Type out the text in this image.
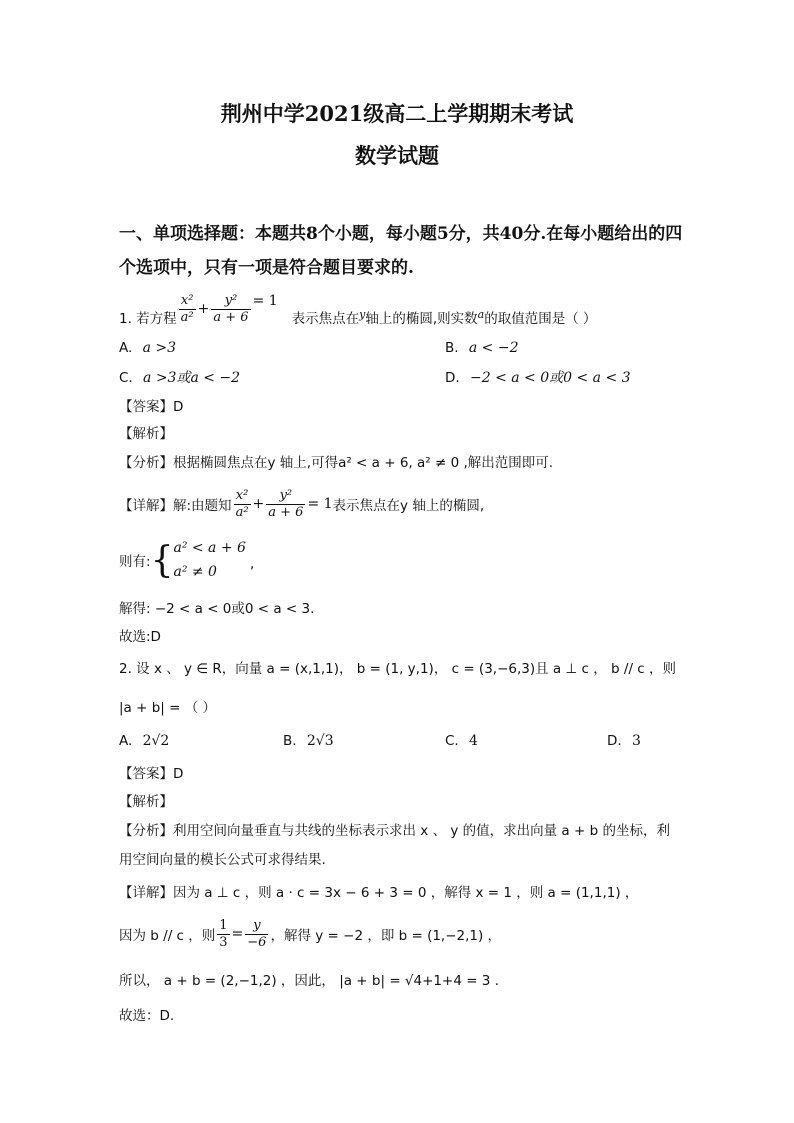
荆州中学2021级高二上学期期末考试
数学试题
一、单项选择题：本题共8个小题，每小题5分，共40分.在每小题给出的四
个选项中，只有一项是符合题目要求的.
1. 若方程 $\frac{\text{x²}}{\text{a²}} + \frac{\text{y²}}{a + 6} = 1$
表示焦点在 y 轴上的椭圆,则实数 a 的取值范围是（ ）
A. a >3	B. a < −2
C. a >3或a < −2	D. −2 < a < 0或0 < a < 3
【答案】D
【解析】
【分析】根据椭圆焦点在y 轴上,可得a² < a + 6, a² ≠ 0 ,解出范围即可.
【详解】 解:由题知 $\frac{\text{x²}}{\text{a²}} + \frac{\text{y²}}{a + 6} = 1$ 表示焦点在y 轴上的椭圆,
则有: { a² < a + 6
a² ≠ 0	,
解得: −2 < a < 0或0 < a < 3.
故选:D
2. 设 x 、 y ∈ R，向量 a = (x,1,1)， b = (1, y,1)， c = (3,−6,3)且 a ⊥ c ， b // c ，则
|a + b| = （ ）
A. 2√2	B. 2√3	C. 4	D. 3
【答案】D
【解析】
【分析】利用空间向量垂直与共线的坐标表示求出 x 、 y 的值，求出向量 a + b 的坐标，利
用空间向量的模长公式可求得结果.
【详解】因为 a ⊥ c ，则 a · c = 3x − 6 + 3 = 0 ，解得 x = 1 ，则 a = (1,1,1) ，
因为 b // c ，则 $\frac{1}{3} = \frac{y}{-6}$ ，解得 y = −2 ，即 b = (1,−2,1) ，
所以， a + b = (2,−1,2) ，因此， |a + b| = √4+1+4 = 3 .
故选：D.
